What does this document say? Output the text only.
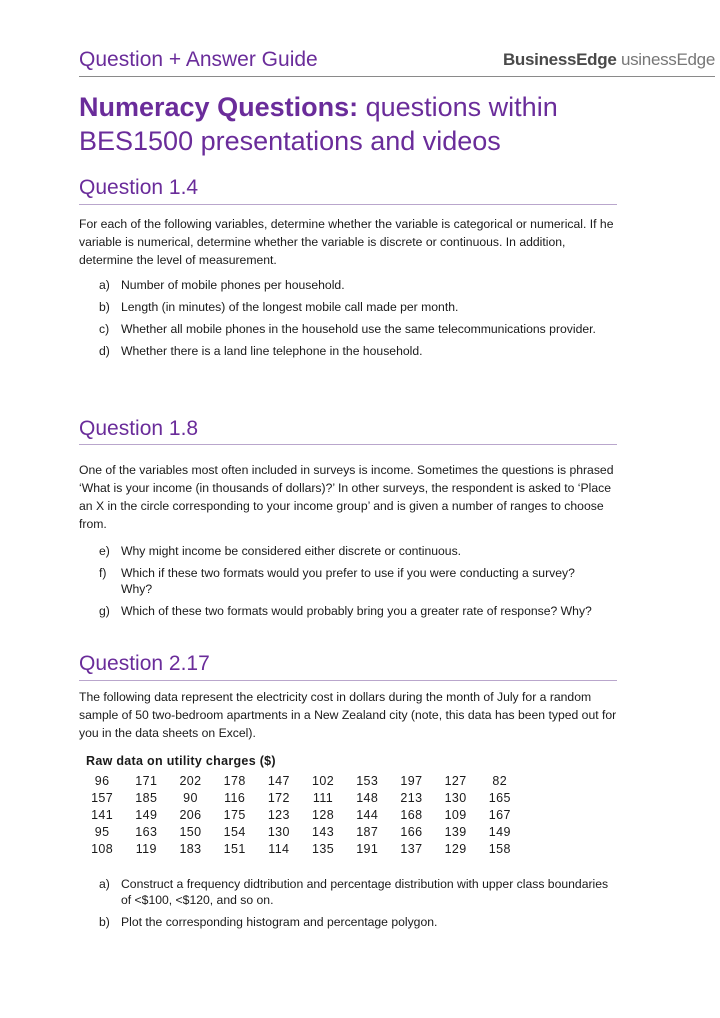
Question + Answer Guide	BusinessEdge usinessEdge
Numeracy Questions: questions within BES1500 presentations and videos
Question 1.4
For each of the following variables, determine whether the variable is categorical or numerical. If he variable is numerical, determine whether the variable is discrete or continuous. In addition, determine the level of measurement.
a) Number of mobile phones per household.
b) Length (in minutes) of the longest mobile call made per month.
c) Whether all mobile phones in the household use the same telecommunications provider.
d) Whether there is a land line telephone in the household.
Question 1.8
One of the variables most often included in surveys is income. Sometimes the questions is phrased ‘What is your income (in thousands of dollars)?’ In other surveys, the respondent is asked to ‘Place an X in the circle corresponding to your income group’ and is given a number of ranges to choose from.
e) Why might income be considered either discrete or continuous.
f) Which if these two formats would you prefer to use if you were conducting a survey? Why?
g) Which of these two formats would probably bring you a greater rate of response? Why?
Question 2.17
The following data represent the electricity cost in dollars during the month of July for a random sample of 50 two-bedroom apartments in a New Zealand city (note, this data has been typed out for you in the data sheets on Excel).
Raw data on utility charges ($)
96	171	202	178	147	102	153	197	127	82
157	185	90	116	172	111	148	213	130	165
141	149	206	175	123	128	144	168	109	167
95	163	150	154	130	143	187	166	139	149
108	119	183	151	114	135	191	137	129	158
a) Construct a frequency didtribution and percentage distribution with upper class boundaries of <$100, <$120, and so on.
b) Plot the corresponding histogram and percentage polygon.
